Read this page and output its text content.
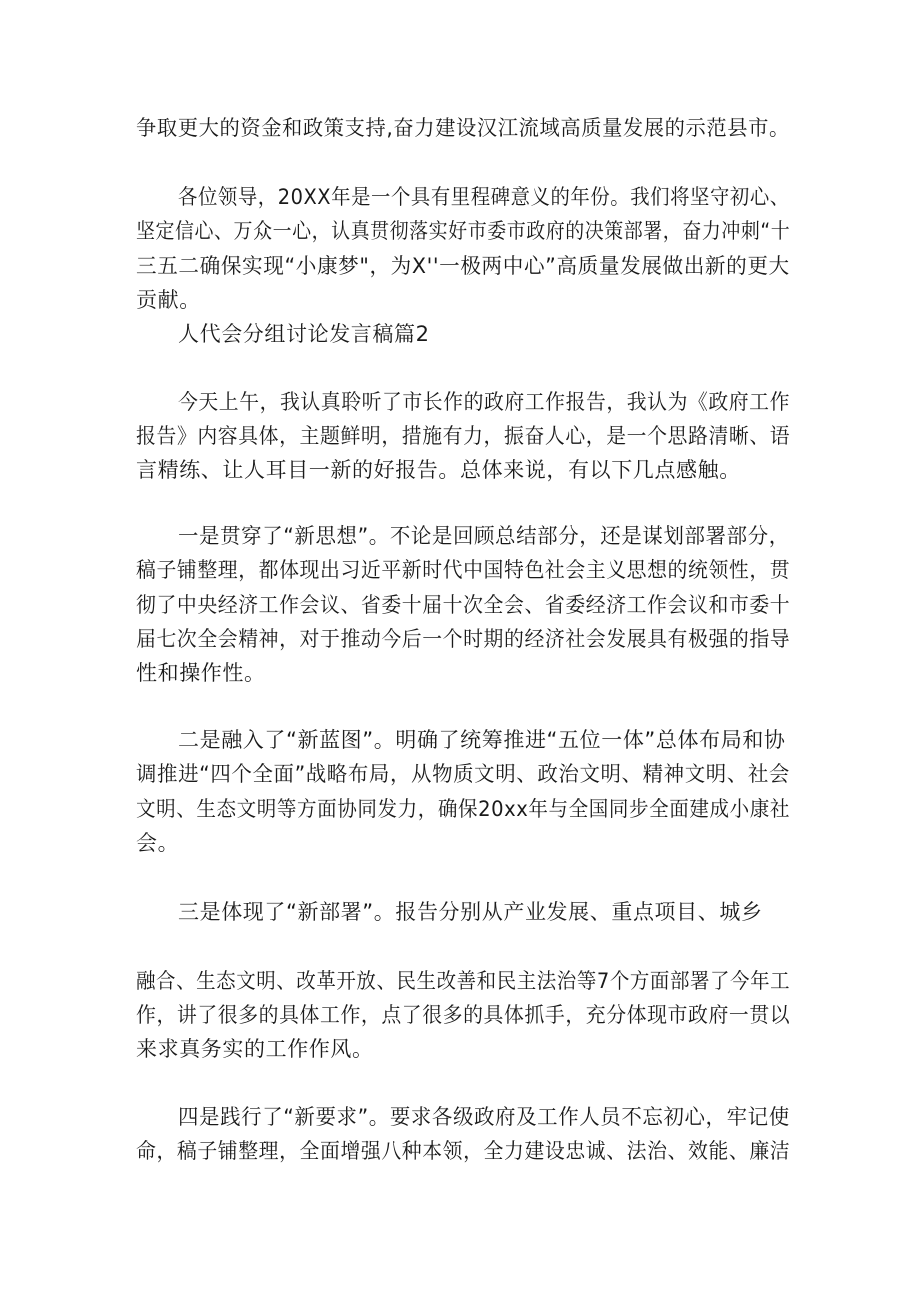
争取更大的资金和政策支持,奋力建设汉江流域高质量发展的示范县市。
各位领导，20XX年是一个具有里程碑意义的年份。我们将坚守初心、
坚定信心、万众一心，认真贯彻落实好市委市政府的决策部署，奋力冲刺“十
三五二确保实现“小康梦"，为X''一极两中心”高质量发展做出新的更大
贡献。
人代会分组讨论发言稿篇2
今天上午，我认真聆听了市长作的政府工作报告，我认为《政府工作
报告》内容具体，主题鲜明，措施有力，振奋人心，是一个思路清晰、语
言精练、让人耳目一新的好报告。总体来说，有以下几点感触。
一是贯穿了“新思想”。不论是回顾总结部分，还是谋划部署部分，
稿子铺整理，都体现出习近平新时代中国特色社会主义思想的统领性，贯
彻了中央经济工作会议、省委十届十次全会、省委经济工作会议和市委十
届七次全会精神，对于推动今后一个时期的经济社会发展具有极强的指导
性和操作性。
二是融入了“新蓝图”。明确了统筹推进“五位一体”总体布局和协
调推进“四个全面”战略布局，从物质文明、政治文明、精神文明、社会
文明、生态文明等方面协同发力，确保20xx年与全国同步全面建成小康社
会。
三是体现了“新部署”。报告分别从产业发展、重点项目、城乡
融合、生态文明、改革开放、民生改善和民主法治等7个方面部署了今年工
作，讲了很多的具体工作，点了很多的具体抓手，充分体现市政府一贯以
来求真务实的工作作风。
四是践行了“新要求”。要求各级政府及工作人员不忘初心，牢记使
命，稿子铺整理，全面增强八种本领，全力建设忠诚、法治、效能、廉洁
